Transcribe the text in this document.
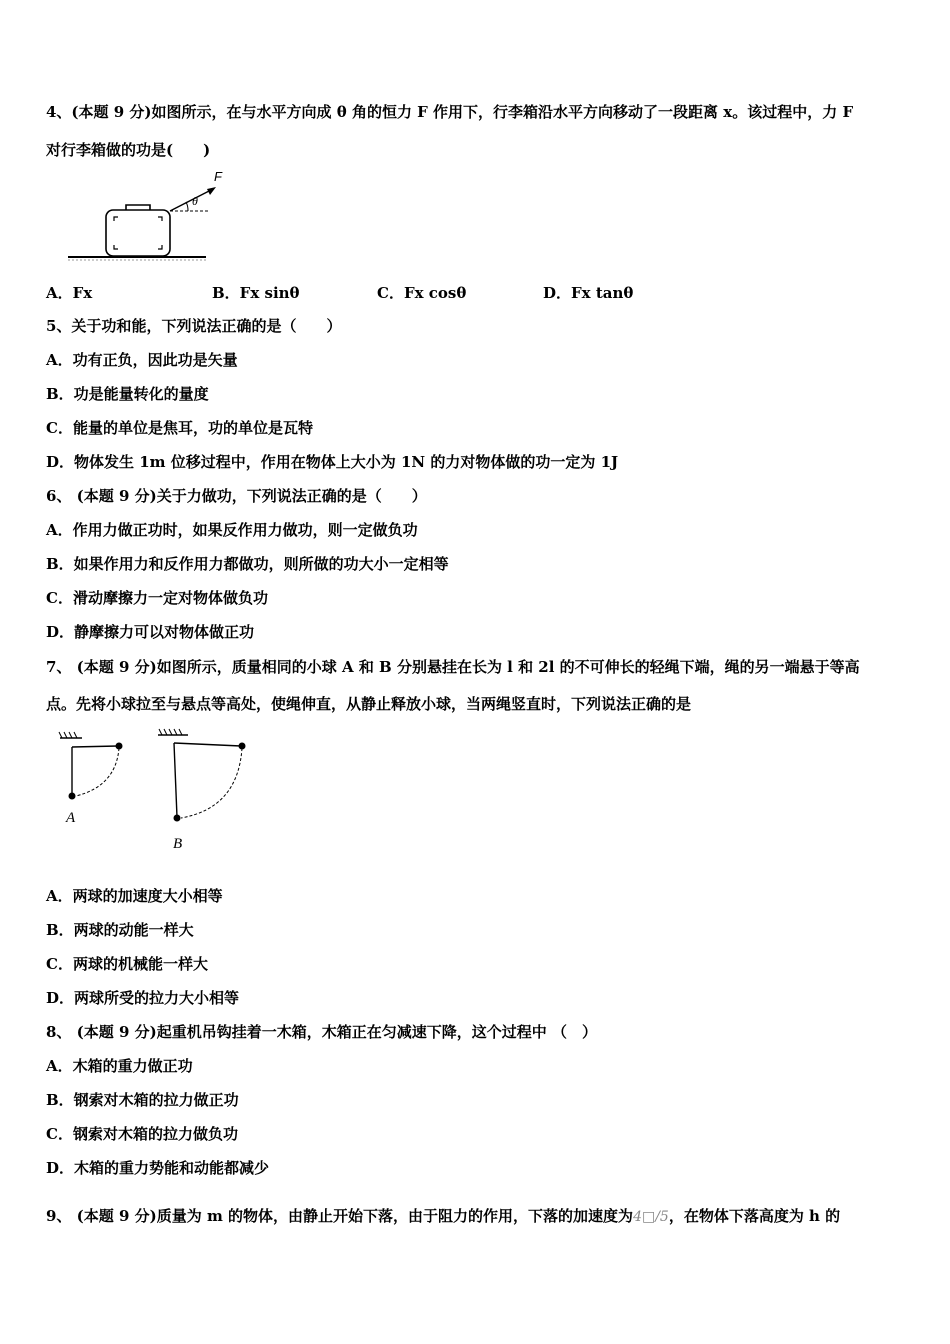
4、(本题 9 分)如图所示，在与水平方向成 θ 角的恒力 F 作用下，行李箱沿水平方向移动了一段距离 x。该过程中，力 F
对行李箱做的功是(　　)
F
θ
A．Fx	B．Fx sinθ	C．Fx cosθ	D．Fx tanθ
5、关于功和能，下列说法正确的是（　　）
A．功有正负，因此功是矢量
B．功是能量转化的量度
C．能量的单位是焦耳，功的单位是瓦特
D．物体发生 1m 位移过程中，作用在物体上大小为 1N 的力对物体做的功一定为 1J
6、 (本题 9 分)关于力做功，下列说法正确的是（　　）
A．作用力做正功时，如果反作用力做功，则一定做负功
B．如果作用力和反作用力都做功，则所做的功大小一定相等
C．滑动摩擦力一定对物体做负功
D．静摩擦力可以对物体做正功
7、 (本题 9 分)如图所示，质量相同的小球 A 和 B 分别悬挂在长为 l 和 2l 的不可伸长的轻绳下端，绳的另一端悬于等高
点。先将小球拉至与悬点等高处，使绳伸直，从静止释放小球，当两绳竖直时，下列说法正确的是
A
B
A．两球的加速度大小相等
B．两球的动能一样大
C．两球的机械能一样大
D．两球所受的拉力大小相等
8、 (本题 9 分)起重机吊钩挂着一木箱，木箱正在匀减速下降，这个过程中 （　）
A．木箱的重力做正功
B．钢索对木箱的拉力做正功
C．钢索对木箱的拉力做负功
D．木箱的重力势能和动能都减少
9、 (本题 9 分)质量为 m 的物体，由静止开始下落，由于阻力的作用，下落的加速度为4□/5，在物体下落高度为 h 的
